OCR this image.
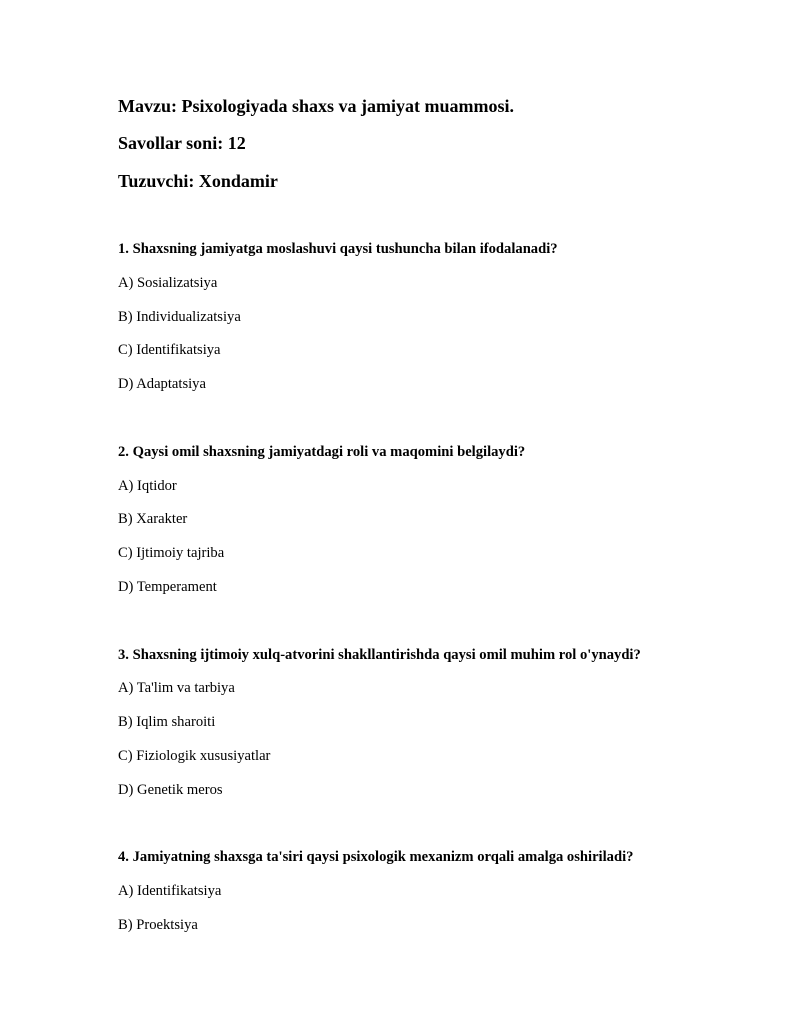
Mavzu: Psixologiyada shaxs va jamiyat muammosi.
Savollar soni: 12
Tuzuvchi: Xondamir
1. Shaxsning jamiyatga moslashuvi qaysi tushuncha bilan ifodalanadi?
A) Sosializatsiya
B) Individualizatsiya
C) Identifikatsiya
D) Adaptatsiya
2. Qaysi omil shaxsning jamiyatdagi roli va maqomini belgilaydi?
A) Iqtidor
B) Xarakter
C) Ijtimoiy tajriba
D) Temperament
3. Shaxsning ijtimoiy xulq-atvorini shakllantirishda qaysi omil muhim rol o'ynaydi?
A) Ta'lim va tarbiya
B) Iqlim sharoiti
C) Fiziologik xususiyatlar
D) Genetik meros
4. Jamiyatning shaxsga ta'siri qaysi psixologik mexanizm orqali amalga oshiriladi?
A) Identifikatsiya
B) Proektsiya
